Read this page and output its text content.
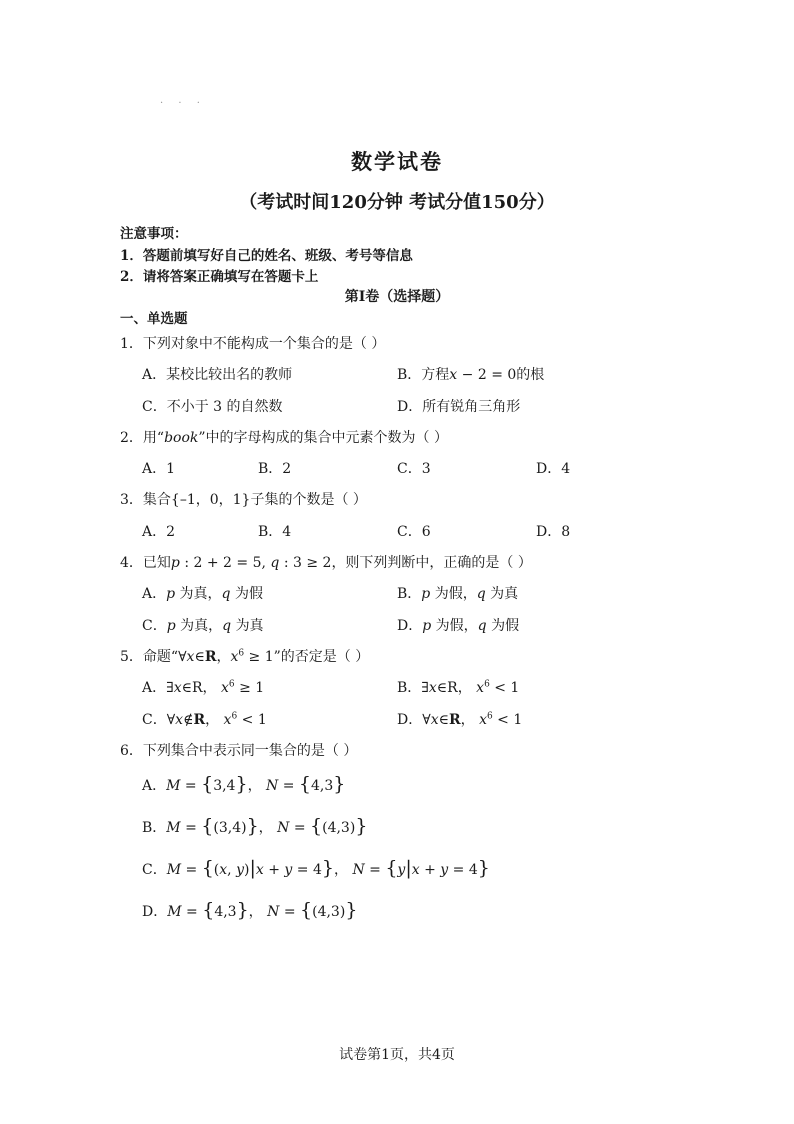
· · ·
数学试卷
（考试时间120分钟 考试分值150分）
注意事项：
1．答题前填写好自己的姓名、班级、考号等信息
2．请将答案正确填写在答题卡上
第I卷（选择题）
一、单选题
1．下列对象中不能构成一个集合的是（ ）
A．某校比较出名的教师	B．方程x − 2 = 0的根
C．不小于 3 的自然数	D．所有锐角三角形
2．用“book”中的字母构成的集合中元素个数为（ ）
A．1	B．2	C．3	D．4
3．集合{–1，0，1}子集的个数是（ ）
A．2	B．4	C．6	D．8
4．已知p : 2 + 2 = 5, q : 3 ≥ 2，则下列判断中，正确的是（ ）
A．p 为真，q 为假	B．p 为假，q 为真
C．p 为真，q 为真	D．p 为假，q 为假
5．命题“∀x∈R，$x^6 \ge 1$”的否定是（ ）
A．∃x∈R， $x^6 \ge 1$	B．∃x∈R， $x^6 < 1$
C．∀x∉R， $x^6 < 1$	D．∀x∈R， $x^6 < 1$
6．下列集合中表示同一集合的是（ ）
A．M = {3,4}， N = {4,3}
B．M = {(3,4)}， N = {(4,3)}
C．M = {(x, y)|x + y = 4}， N = {y|x + y = 4}
D．M = {4,3}， N = {(4,3)}
试卷第1页，共4页
